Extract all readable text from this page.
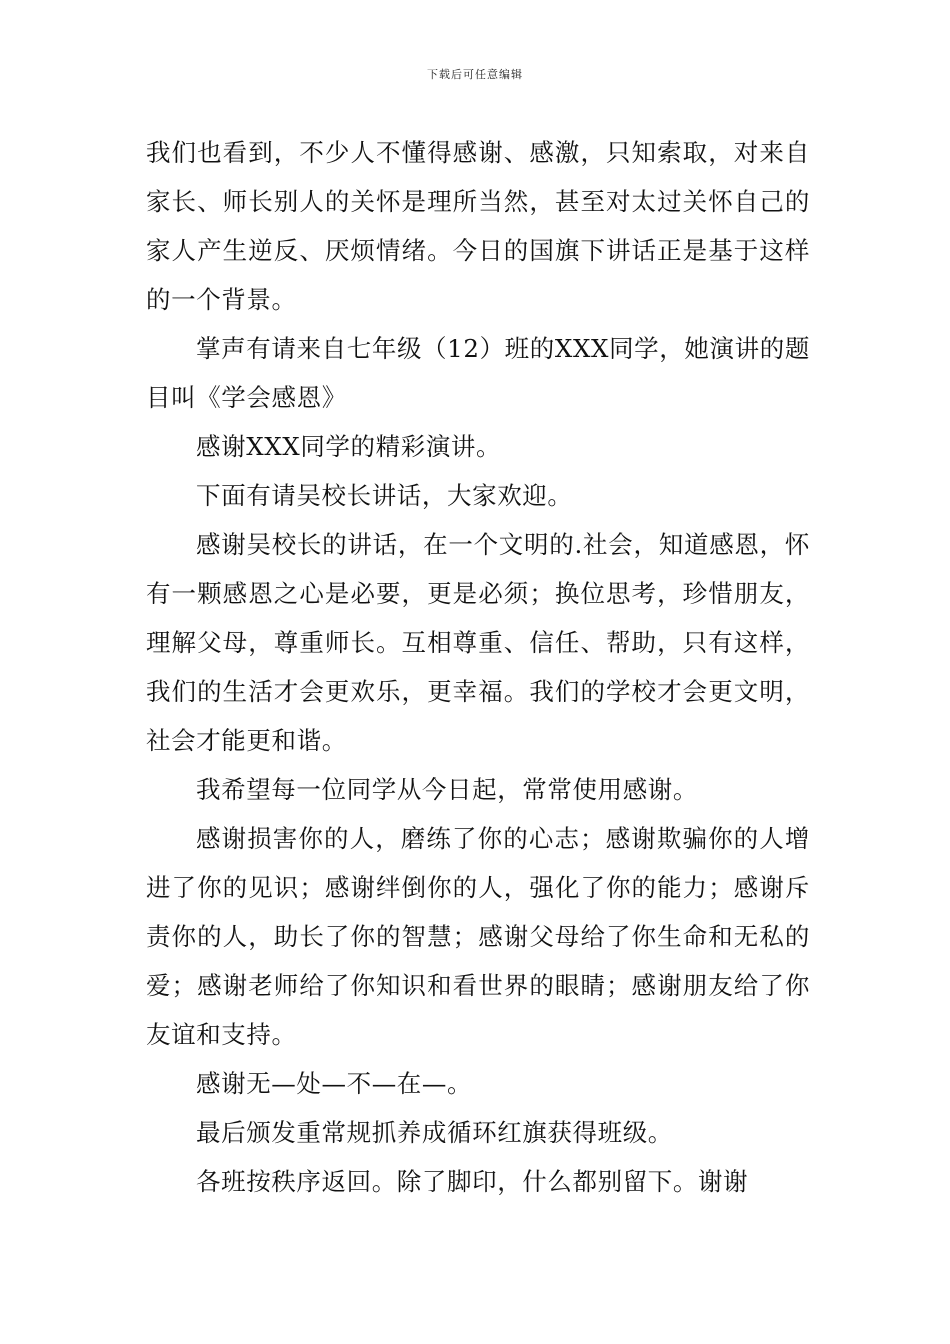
下载后可任意编辑

我们也看到，不少人不懂得感谢、感激，只知索取，对来自家长、师长别人的关怀是理所当然，甚至对太过关怀自己的家人产生逆反、厌烦情绪。今日的国旗下讲话正是基于这样的一个背景。

掌声有请来自七年级（12）班的XXX同学，她演讲的题目叫《学会感恩》

感谢XXX同学的精彩演讲。

下面有请吴校长讲话，大家欢迎。

感谢吴校长的讲话，在一个文明的.社会，知道感恩，怀有一颗感恩之心是必要，更是必须；换位思考，珍惜朋友，理解父母，尊重师长。互相尊重、信任、帮助，只有这样，我们的生活才会更欢乐，更幸福。我们的学校才会更文明，社会才能更和谐。

我希望每一位同学从今日起，常常使用感谢。

感谢损害你的人，磨练了你的心志；感谢欺骗你的人增进了你的见识；感谢绊倒你的人，强化了你的能力；感谢斥责你的人，助长了你的智慧；感谢父母给了你生命和无私的爱；感谢老师给了你知识和看世界的眼睛；感谢朋友给了你友谊和支持。

感谢无—处—不—在—。

最后颁发重常规抓养成循环红旗获得班级。

各班按秩序返回。除了脚印，什么都别留下。谢谢
